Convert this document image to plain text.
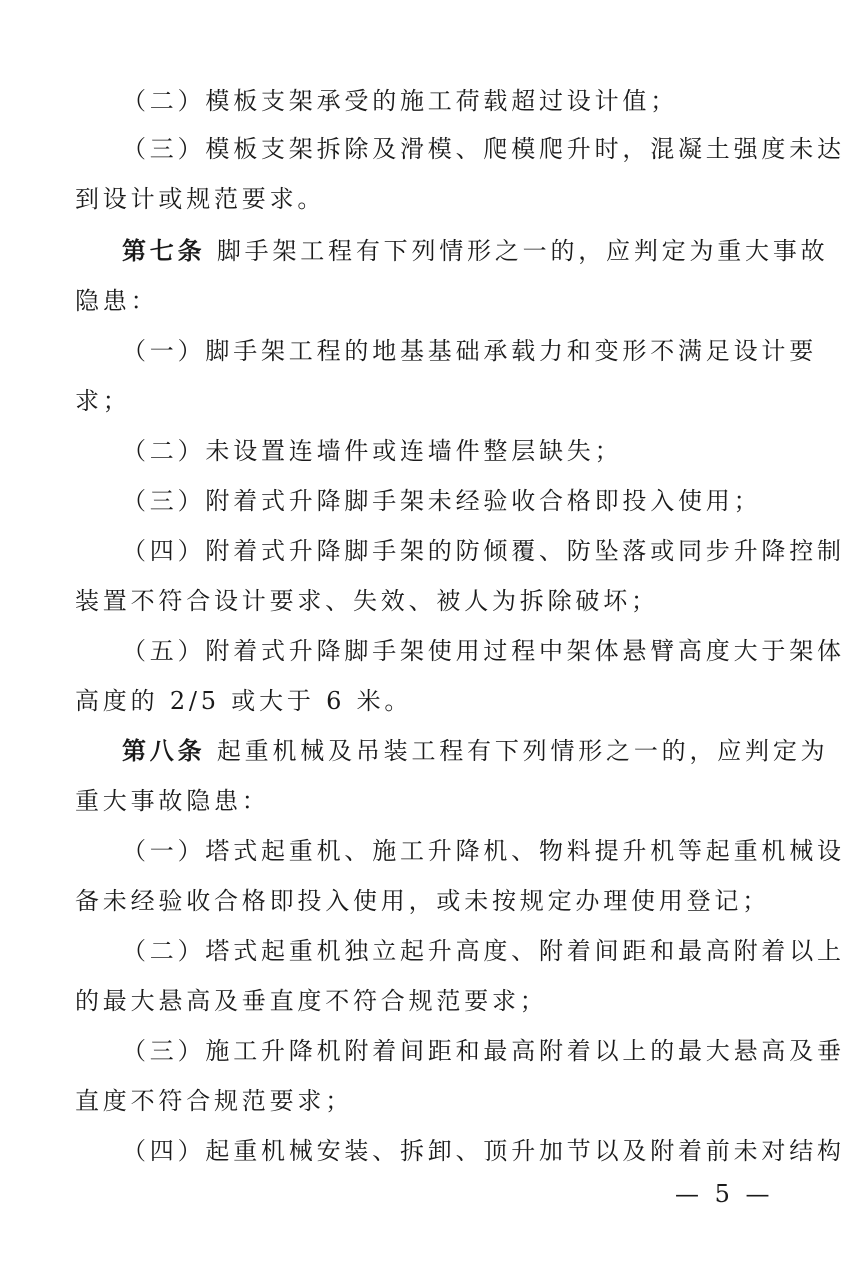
（二）模板支架承受的施工荷载超过设计值；
（三）模板支架拆除及滑模、爬模爬升时，混凝土强度未达
到设计或规范要求。
第七条 脚手架工程有下列情形之一的，应判定为重大事故
隐患：
（一）脚手架工程的地基基础承载力和变形不满足设计要
求；
（二）未设置连墙件或连墙件整层缺失；
（三）附着式升降脚手架未经验收合格即投入使用；
（四）附着式升降脚手架的防倾覆、防坠落或同步升降控制
装置不符合设计要求、失效、被人为拆除破坏；
（五）附着式升降脚手架使用过程中架体悬臂高度大于架体
高度的 2/5 或大于 6 米。
第八条 起重机械及吊装工程有下列情形之一的，应判定为
重大事故隐患：
（一）塔式起重机、施工升降机、物料提升机等起重机械设
备未经验收合格即投入使用，或未按规定办理使用登记；
（二）塔式起重机独立起升高度、附着间距和最高附着以上
的最大悬高及垂直度不符合规范要求；
（三）施工升降机附着间距和最高附着以上的最大悬高及垂
直度不符合规范要求；
（四）起重机械安装、拆卸、顶升加节以及附着前未对结构
— 5 —
